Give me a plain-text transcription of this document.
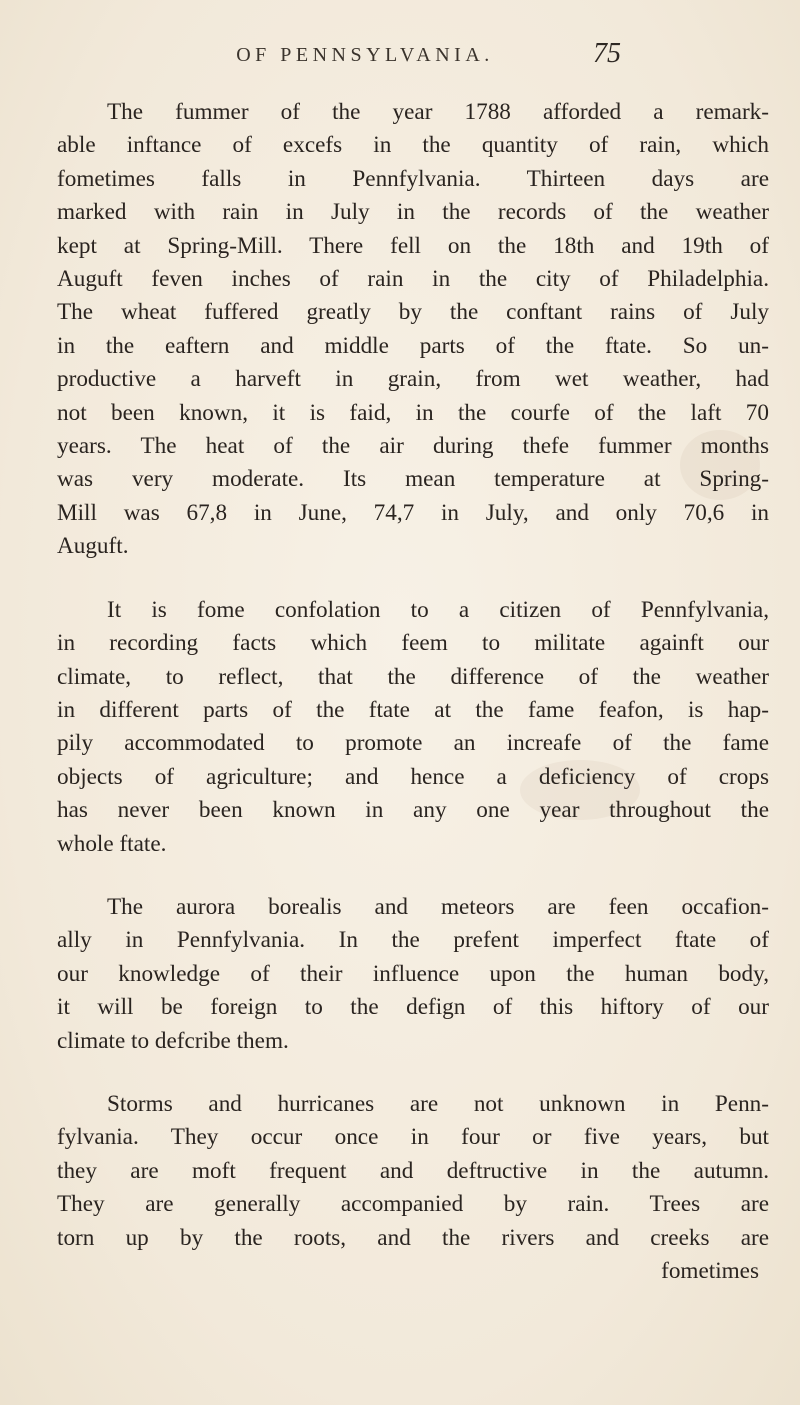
OF PENNSYLVANIA.	75

The fummer of the year 1788 afforded a remark-
able inftance of excefs in the quantity of rain, which
fometimes falls in Pennfylvania. Thirteen days are
marked with rain in July in the records of the weather
kept at Spring-Mill. There fell on the 18th and 19th of
Auguft feven inches of rain in the city of Philadelphia.
The wheat fuffered greatly by the conftant rains of July
in the eaftern and middle parts of the ftate. So un-
productive a harveft in grain, from wet weather, had
not been known, it is faid, in the courfe of the laft 70
years. The heat of the air during thefe fummer months
was very moderate. Its mean temperature at Spring-
Mill was 67,8 in June, 74,7 in July, and only 70,6 in
Auguft.

It is fome confolation to a citizen of Pennfylvania,
in recording facts which feem to militate againft our
climate, to reflect, that the difference of the weather
in different parts of the ftate at the fame feafon, is hap-
pily accommodated to promote an increafe of the fame
objects of agriculture; and hence a deficiency of crops
has never been known in any one year throughout the
whole ftate.

The aurora borealis and meteors are feen occafion-
ally in Pennfylvania. In the prefent imperfect ftate of
our knowledge of their influence upon the human body,
it will be foreign to the defign of this hiftory of our
climate to defcribe them.

Storms and hurricanes are not unknown in Penn-
fylvania. They occur once in four or five years, but
they are moft frequent and deftructive in the autumn.
They are generally accompanied by rain. Trees are
torn up by the roots, and the rivers and creeks are
fometimes
